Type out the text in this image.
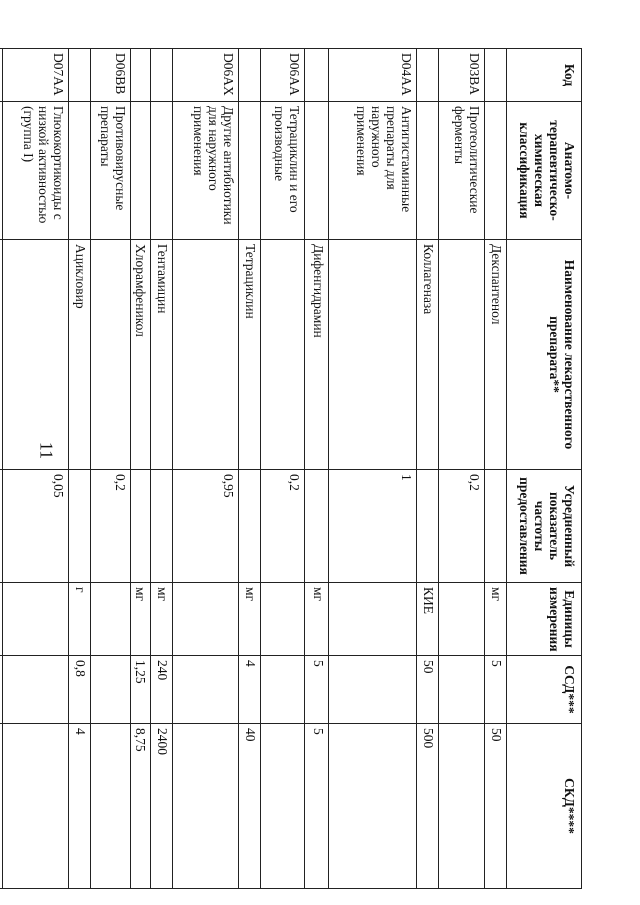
11
Код	Анатомо-терапевтическо-химическая классификация	Наименование лекарственного препарата**	Усредненный показатель частоты предоставления	Единицы измерения	ССД***	СКД****
		Декспантенол		мг	5	50
D03BA	Протеолитические ферменты		0,2			
		Коллагеназа		КИЕ	50	500
D04AA	Антигистаминные препараты для наружного применения		1			
		Дифенгидрамин		мг	5	5
D06AA	Тетрациклин и его производные		0,2			
		Тетрациклин		мг	4	40
D06AX	Другие антибиотики для наружного применения		0,95			
		Гентамицин		мг	240	2400
		Хлорамфеникол		мг	1,25	8,75
D06BB	Противовирусные препараты		0,2			
		Ацикловир		г	0,8	4
D07AA	Глюкокортикоиды с низкой активностью (группа I)		0,05			
